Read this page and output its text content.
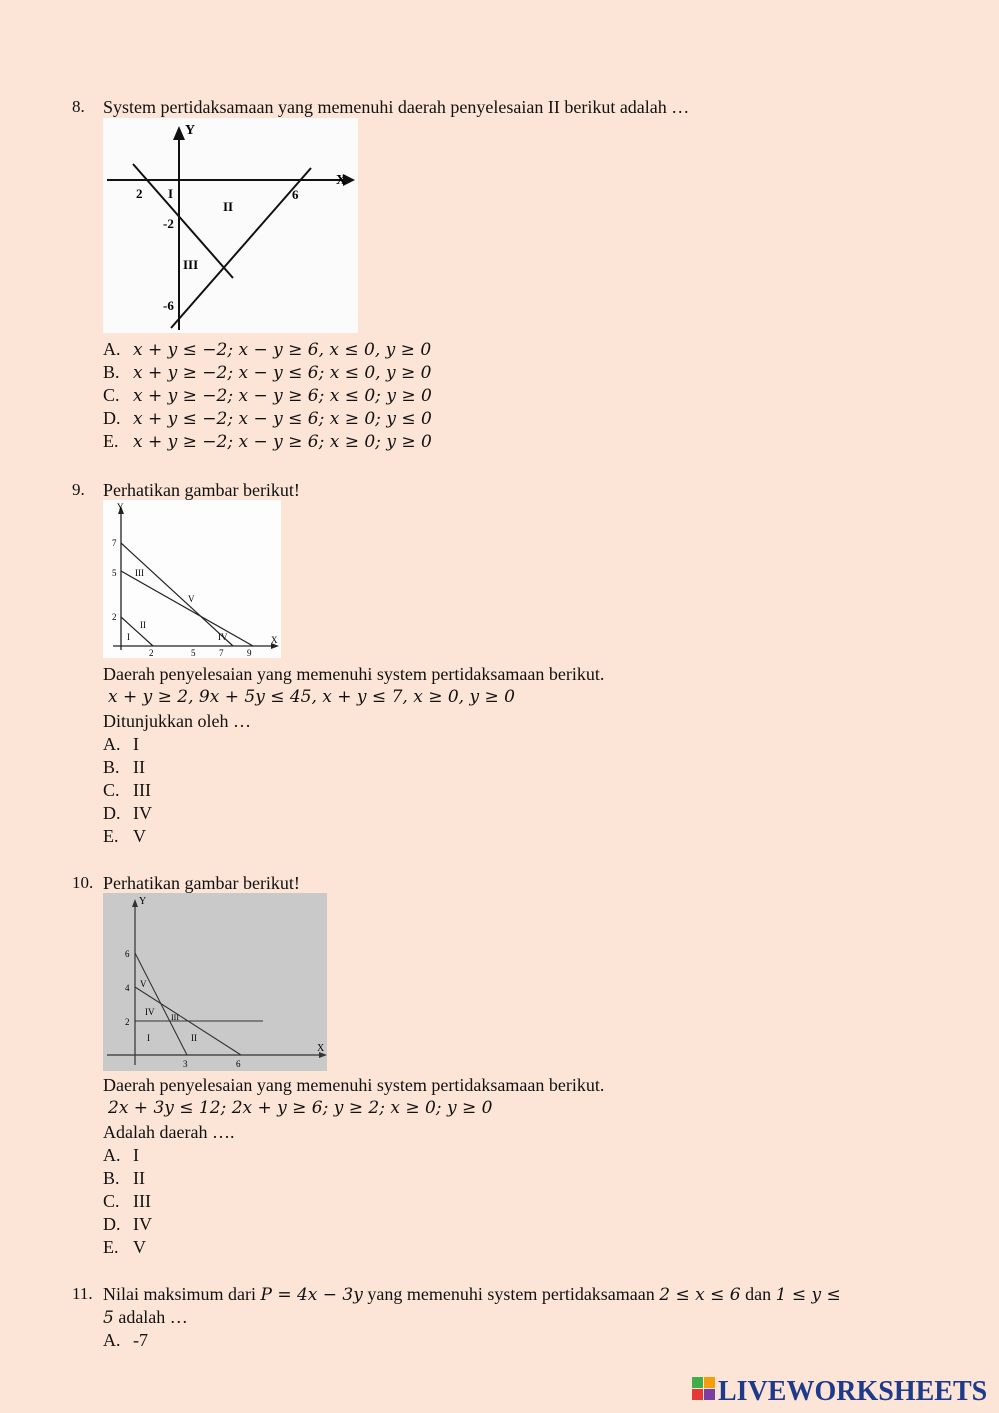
8.	System pertidaksamaan yang memenuhi daerah penyelesaian II berikut adalah …
Y
X
2	6
-2
-6
I
II
III
A. x + y ≤ −2; x − y ≥ 6, x ≤ 0, y ≥ 0
B. x + y ≥ −2; x − y ≤ 6; x ≤ 0, y ≥ 0
C. x + y ≥ −2; x − y ≥ 6; x ≤ 0; y ≥ 0
D. x + y ≤ −2; x − y ≤ 6; x ≥ 0; y ≤ 0
E. x + y ≥ −2; x − y ≥ 6; x ≥ 0; y ≥ 0
9.	Perhatikan gambar berikut!
Y
X
7
5
2
2	5	7	9
I
II
III
IV
V
Daerah penyelesaian yang memenuhi system pertidaksamaan berikut.
x + y ≥ 2, 9x + 5y ≤ 45, x + y ≤ 7, x ≥ 0, y ≥ 0
Ditunjukkan oleh …
A. I
B. II
C. III
D. IV
E. V
10. Perhatikan gambar berikut!
Y
X
6
4
2
3	6
I	II
III
IV
V
Daerah penyelesaian yang memenuhi system pertidaksamaan berikut.
2x + 3y ≤ 12; 2x + y ≥ 6; y ≥ 2; x ≥ 0; y ≥ 0
Adalah daerah ….
A. I
B. II
C. III
D. IV
E. V
11. Nilai maksimum dari P = 4x − 3y yang memenuhi system pertidaksamaan 2 ≤ x ≤ 6 dan 1 ≤ y ≤
5 adalah …
A. -7
LIVEWORKSHEETS
